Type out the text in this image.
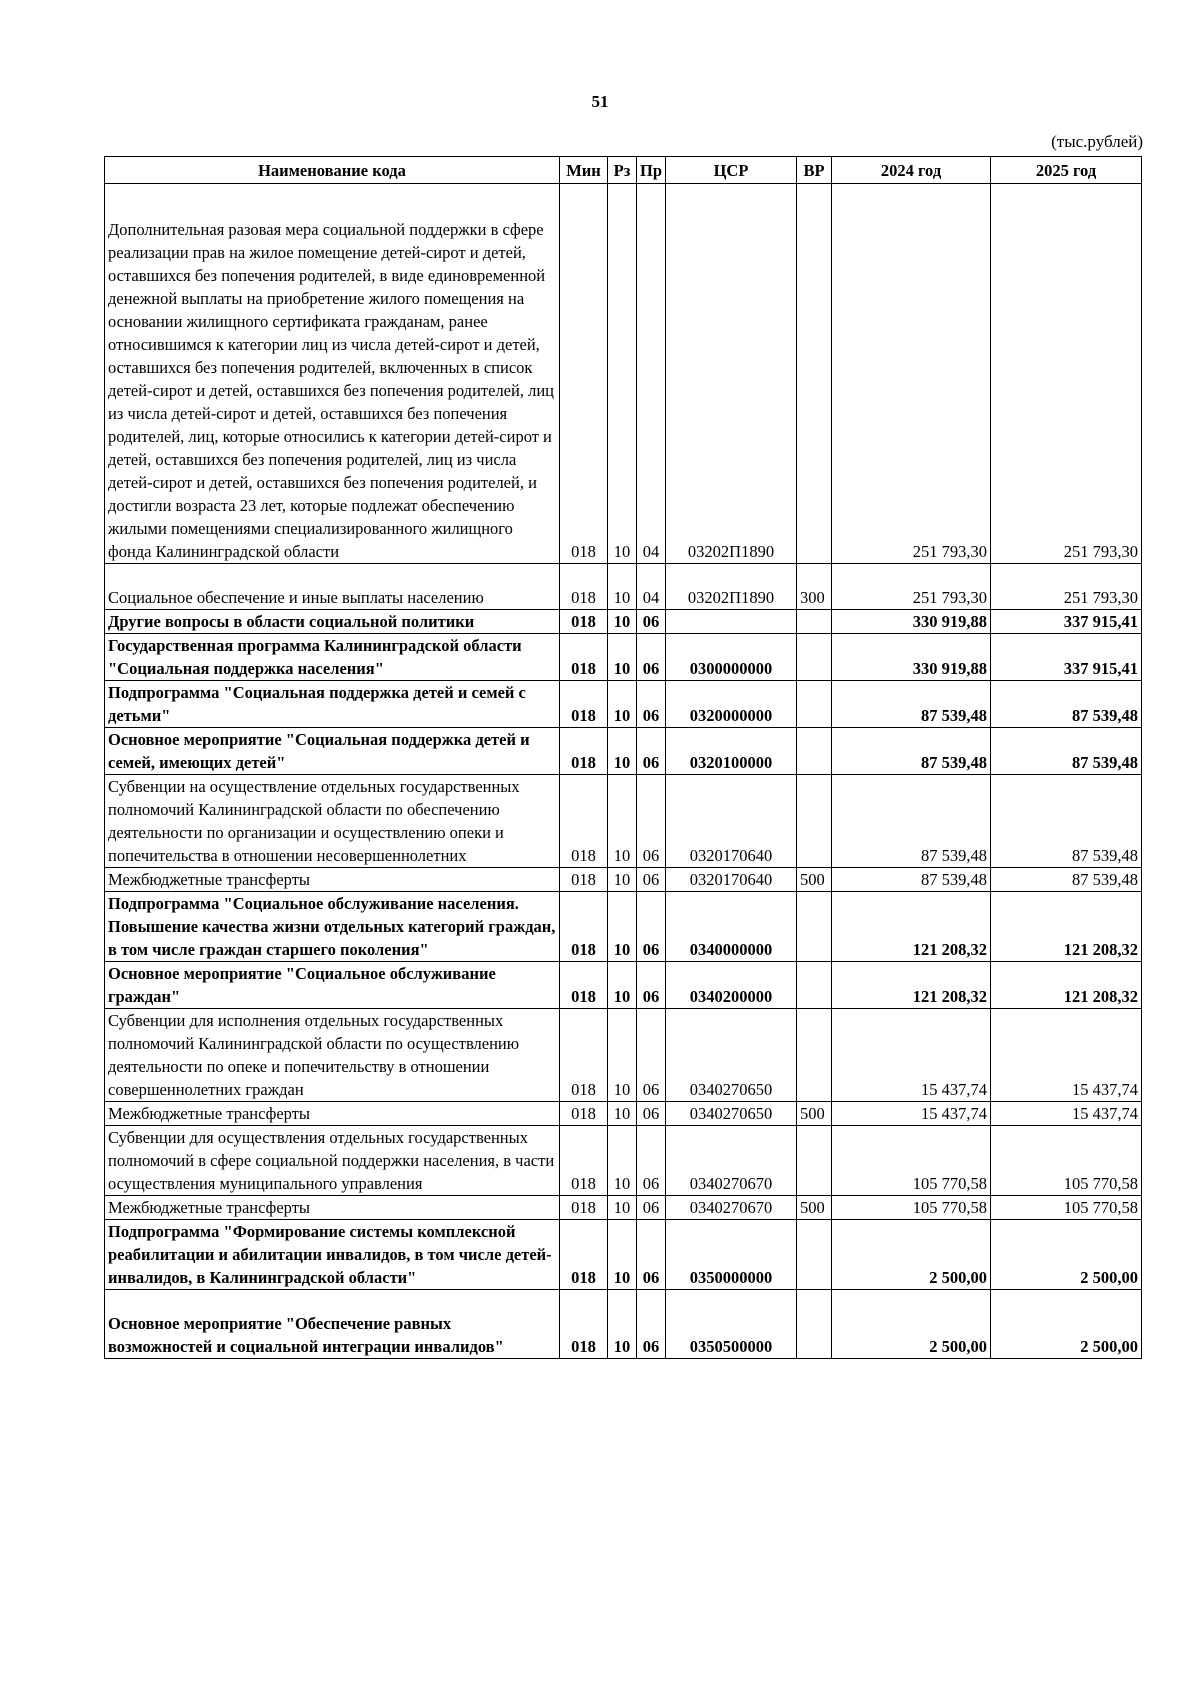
51
(тыс.рублей)
Наименование кода	Мин	Рз	Пр	ЦСР	ВР	2024 год	2025 год
Дополнительная разовая мера социальной поддержки в сфере реализации прав на жилое помещение детей-сирот и детей, оставшихся без попечения родителей, в виде единовременной денежной выплаты на приобретение жилого помещения на основании жилищного сертификата гражданам, ранее относившимся к категории лиц из числа детей-сирот и детей, оставшихся без попечения родителей, включенных в список детей-сирот и детей, оставшихся без попечения родителей, лиц из числа детей-сирот и детей, оставшихся без попечения родителей, лиц, которые относились к категории детей-сирот и детей, оставшихся без попечения родителей, лиц из числа детей-сирот и детей, оставшихся без попечения родителей, и достигли возраста 23 лет, которые подлежат обеспечению жилыми помещениями специализированного жилищного фонда Калининградской области	018	10	04	03202П1890		251 793,30	251 793,30
Социальное обеспечение и иные выплаты населению	018	10	04	03202П1890	300	251 793,30	251 793,30
Другие вопросы в области социальной политики	018	10	06			330 919,88	337 915,41
Государственная программа Калининградской области "Социальная поддержка населения"	018	10	06	0300000000		330 919,88	337 915,41
Подпрограмма "Социальная поддержка детей и семей с детьми"	018	10	06	0320000000		87 539,48	87 539,48
Основное мероприятие "Социальная поддержка детей и семей, имеющих детей"	018	10	06	0320100000		87 539,48	87 539,48
Субвенции на осуществление отдельных государственных полномочий Калининградской области по обеспечению деятельности по организации и осуществлению опеки и попечительства в отношении несовершеннолетних	018	10	06	0320170640		87 539,48	87 539,48
Межбюджетные трансферты	018	10	06	0320170640	500	87 539,48	87 539,48
Подпрограмма "Социальное обслуживание населения. Повышение качества жизни отдельных категорий граждан, в том числе граждан старшего поколения"	018	10	06	0340000000		121 208,32	121 208,32
Основное мероприятие "Социальное обслуживание граждан"	018	10	06	0340200000		121 208,32	121 208,32
Субвенции для исполнения отдельных государственных полномочий Калининградской области по осуществлению деятельности по опеке и попечительству в отношении совершеннолетних граждан	018	10	06	0340270650		15 437,74	15 437,74
Межбюджетные трансферты	018	10	06	0340270650	500	15 437,74	15 437,74
Субвенции для осуществления отдельных государственных полномочий в сфере социальной поддержки населения, в части осуществления муниципального управления	018	10	06	0340270670		105 770,58	105 770,58
Межбюджетные трансферты	018	10	06	0340270670	500	105 770,58	105 770,58
Подпрограмма "Формирование системы комплексной реабилитации и абилитации инвалидов, в том числе детей-инвалидов, в Калининградской области"	018	10	06	0350000000		2 500,00	2 500,00
Основное мероприятие "Обеспечение равных возможностей и социальной интеграции инвалидов"	018	10	06	0350500000		2 500,00	2 500,00
